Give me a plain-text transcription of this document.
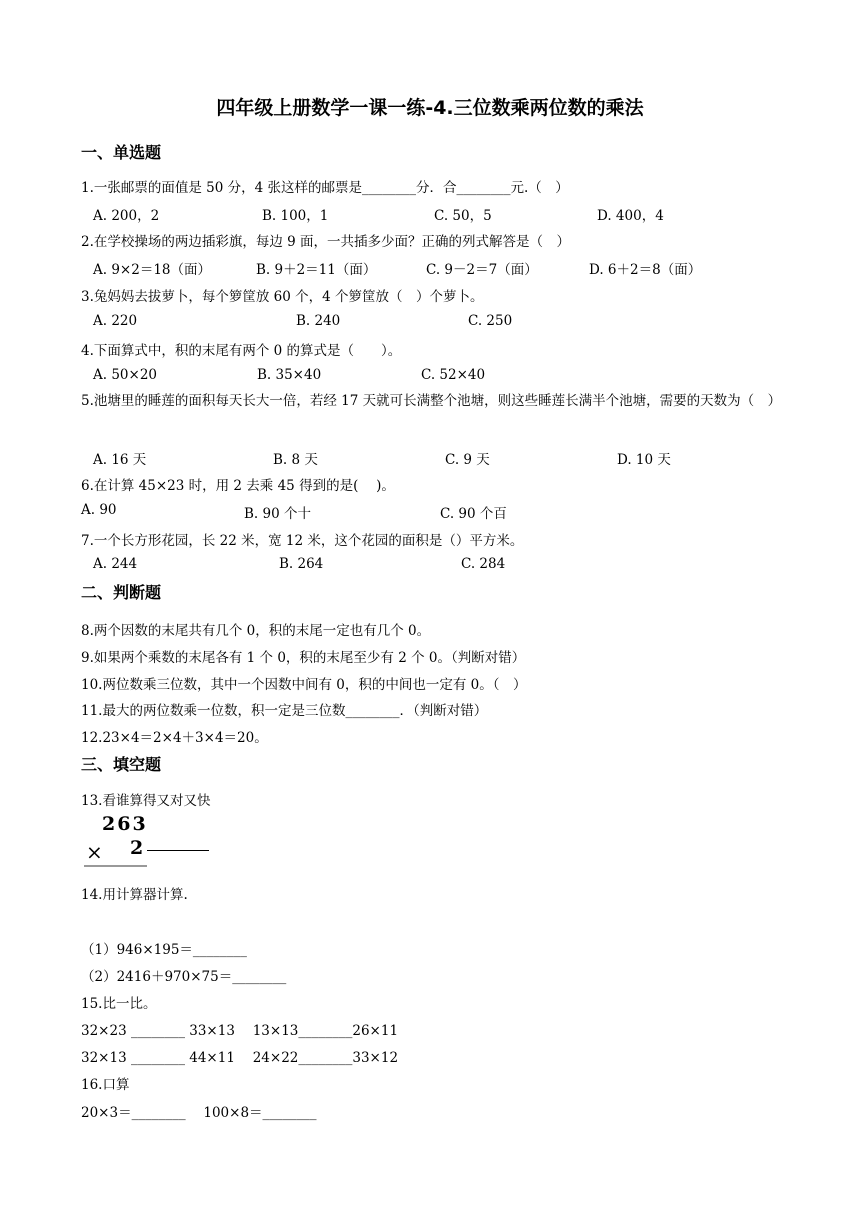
四年级上册数学一课一练-4.三位数乘两位数的乘法
一、单选题
1.一张邮票的面值是 50 分，4 张这样的邮票是________分．合________元.（　）
A. 200，2	B. 100，1	C. 50，5	D. 400，4
2.在学校操场的两边插彩旗，每边 9 面，一共插多少面？正确的列式解答是（　）
A. 9×2＝18（面）	B. 9＋2＝11（面）	C. 9－2＝7（面）	D. 6＋2＝8（面）
3.兔妈妈去拔萝卜，每个箩筐放 60 个，4 个箩筐放（　）个萝卜。
A. 220	B. 240	C. 250
4.下面算式中，积的末尾有两个 0 的算式是（　　）。
A. 50×20	B. 35×40	C. 52×40
5.池塘里的睡莲的面积每天长大一倍，若经 17 天就可长满整个池塘，则这些睡莲长满半个池塘，需要的天数为（　）
A. 16 天	B. 8 天	C. 9 天	D. 10 天
6.在计算 45×23 时，用 2 去乘 45 得到的是(　 )。
A. 90	B. 90 个十	C. 90 个百
7.一个长方形花园，长 22 米，宽 12 米，这个花园的面积是（）平方米。
A. 244	B. 264	C. 284
二、判断题
8.两个因数的末尾共有几个 0，积的末尾一定也有几个 0。
9.如果两个乘数的末尾各有 1 个 0，积的末尾至少有 2 个 0。（判断对错）
10.两位数乘三位数，其中一个因数中间有 0，积的中间也一定有 0。（　）
11.最大的两位数乘一位数，积一定是三位数________．（判断对错）
12.23×4＝2×4＋3×4＝20。
三、填空题
13.看谁算得又对又快
263
× 2
14.用计算器计算.
（1）946×195＝________
（2）2416＋970×75＝________
15.比一比。
32×23 ________ 33×13　 13×13________26×11
32×13 ________ 44×11　 24×22________33×12
16.口算
20×3＝________　 100×8＝________
